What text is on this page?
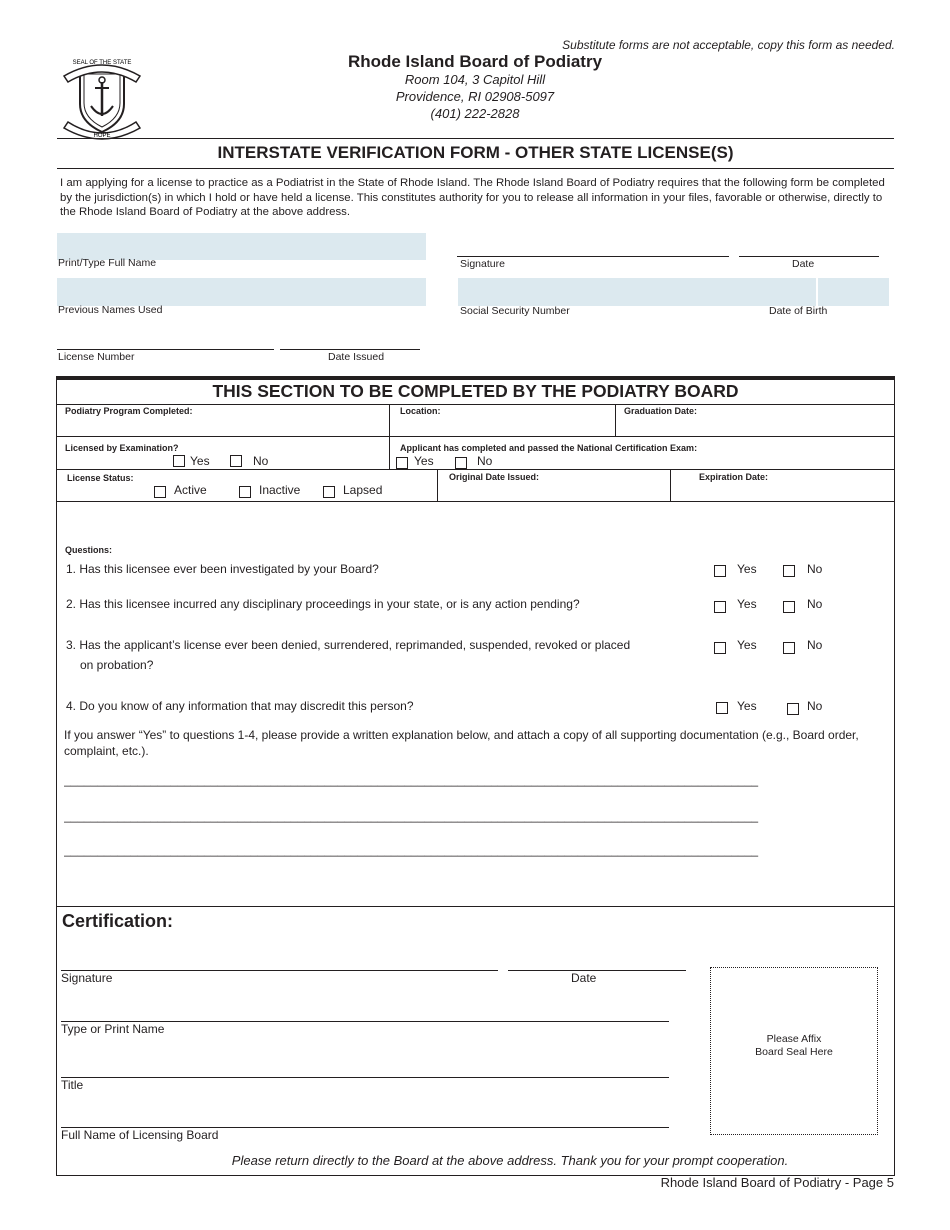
SEAL OF THE STATE
HOPE
Substitute forms are not acceptable, copy this form as needed.
Rhode Island Board of Podiatry
Room 104, 3 Capitol Hill
Providence, RI 02908-5097
(401) 222-2828
INTERSTATE VERIFICATION FORM - OTHER STATE LICENSE(S)
I am applying for a license to practice as a Podiatrist in the State of Rhode Island. The Rhode Island Board of Podiatry requires that the following form be completed by the jurisdiction(s) in which I hold or have held a license. This constitutes authority for you to release all information in your files, favorable or otherwise, directly to the Rhode Island Board of Podiatry at the above address.
Print/Type Full Name	Signature	Date
Previous Names Used	Social Security Number	Date of Birth
License Number	Date Issued
THIS SECTION TO BE COMPLETED BY THE PODIATRY BOARD
Podiatry Program Completed:	Location:	Graduation Date:
Licensed by Examination?
Yes	No
Applicant has completed and passed the National Certification Exam:
Yes	No
License Status:
Active	Inactive	Lapsed
Original Date Issued:	Expiration Date:
Questions:
1. Has this licensee ever been investigated by your Board?	Yes	No
2. Has this licensee incurred any disciplinary proceedings in your state, or is any action pending?	Yes	No
3. Has the applicant’s license ever been denied, surrendered, reprimanded, suspended, revoked or placed
on probation?
Yes	No
4. Do you know of any information that may discredit this person?	Yes	No
If you answer “Yes” to questions 1-4, please provide a written explanation below, and attach a copy of all supporting documentation (e.g., Board order, complaint, etc.).
________________________________________________________________________________________________________
________________________________________________________________________________________________________
________________________________________________________________________________________________________
Certification:
Signature	Date
Type or Print Name
Title
Full Name of Licensing Board
Please Affix
Board Seal Here
Please return directly to the Board at the above address. Thank you for your prompt cooperation.
Rhode Island Board of Podiatry - Page 5
